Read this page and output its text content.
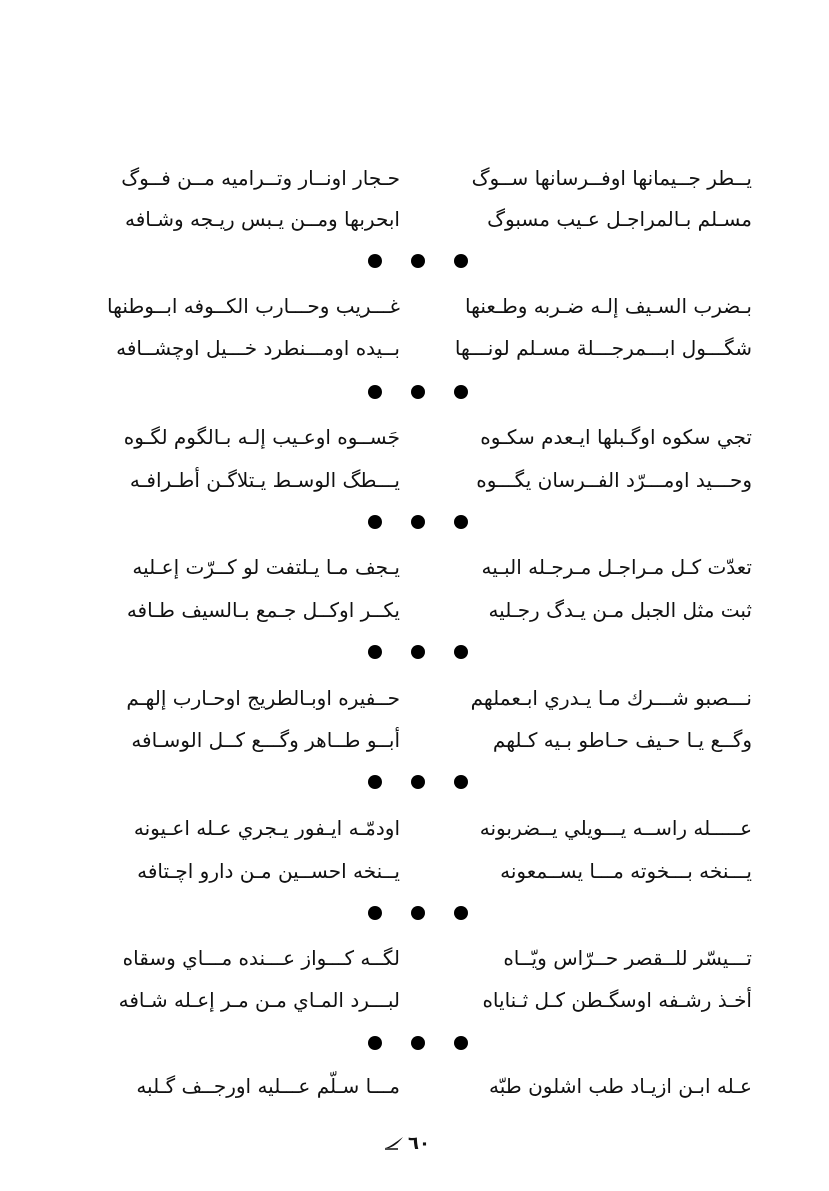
يــطر جــيمانها اوفــرسانها ســوگ
حـجار اونــار وتــراميه مــن فــوگ
مسـلم بـالمراجـل عـيب مسبوگ
ابحربها ومــن يـبس ريـجه وشـافه
بـضرب السـيف إلـه ضـربه وطـعنها
غـــريب وحـــارب الكــوفه ابــوطنها
شگـــول ابـــمرجـــلة مسـلم لونـــها
بــيده اومـــنطرد خـــيل اوچشــافه
تجي سكوه اوگـبلها ايـعدم سكـوه
جَســوه اوعـيب إلـه بـالگوم لگـوه
وحـــيد اومـــرّد الفــرسان يگـــوه
يـــطگ الوسـط يـتلاگـن أطـرافـه
تعدّت كـل مـراجـل مـرجـله البـيه
يـجف مـا يـلتفت لو كــرّت إعـليه
ثبت مثل الجبل مـن يـدگ رجـليه
يكــر اوكــل جـمع بـالسيف طـافه
نـــصبو شـــرك مـا يـدري ابـعملهم
حــفيره اوبـالطريج اوحـارب إلهـم
وگــع يـا حـيف حـاطو بـيه كـلهم
أبــو طــاهر وگـــع كــل الوسـافه
عـــــله راســه يـــويلي يــضربونه
اودمّـه ايـفور يـجري عـله اعـيونه
يـــنخه بـــخوته مـــا يســمعونه
يــنخه احســين مـن دارو اچـتافه
تـــيسّر للــقصر حــرّاس ويّــاه
لگــه كـــواز عـــنده مـــاي وسقاه
أخـذ رشـفه اوسگـطن كـل ثـناياه
لبـــرد المـاي مـن مـر إعـله شـافه
عـله ابـن ازيـاد طب اشلون طبّه
مـــا سـلّم عـــليه اورجــف گـلبه
٦٠
